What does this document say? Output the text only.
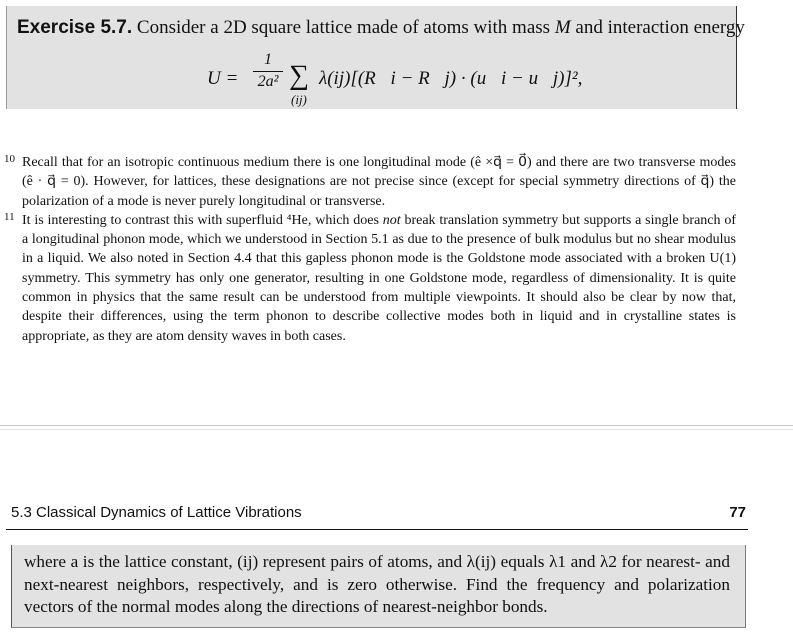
Exercise 5.7. Consider a 2D square lattice made of atoms with mass M and interaction energy
U =
1
2a² ∑
(ij)
λ(ij)[(R⃗i − R⃗j) · (u⃗i − u⃗j)]²,
10 Recall that for an isotropic continuous medium there is one longitudinal mode (ê ×q⃗ = 0⃗) and there are two transverse modes (ê · q⃗ = 0). However, for lattices, these designations are not precise since (except for special symmetry directions of q⃗) the polarization of a mode is never purely longitudinal or transverse.
11 It is interesting to contrast this with superfluid ⁴He, which does not break translation symmetry but supports a single branch of a longitudinal phonon mode, which we understood in Section 5.1 as due to the presence of bulk modulus but no shear modulus in a liquid. We also noted in Section 4.4 that this gapless phonon mode is the Goldstone mode associated with a broken U(1) symmetry. This symmetry has only one generator, resulting in one Goldstone mode, regardless of dimensionality. It is quite common in physics that the same result can be understood from multiple viewpoints. It should also be clear by now that, despite their differences, using the term phonon to describe collective modes both in liquid and in crystalline states is appropriate, as they are atom density waves in both cases.
5.3 Classical Dynamics of Lattice Vibrations	77
where a is the lattice constant, (ij) represent pairs of atoms, and λ(ij) equals λ1 and λ2 for nearest- and next-nearest neighbors, respectively, and is zero otherwise. Find the frequency and polarization vectors of the normal modes along the directions of nearest-neighbor bonds.
